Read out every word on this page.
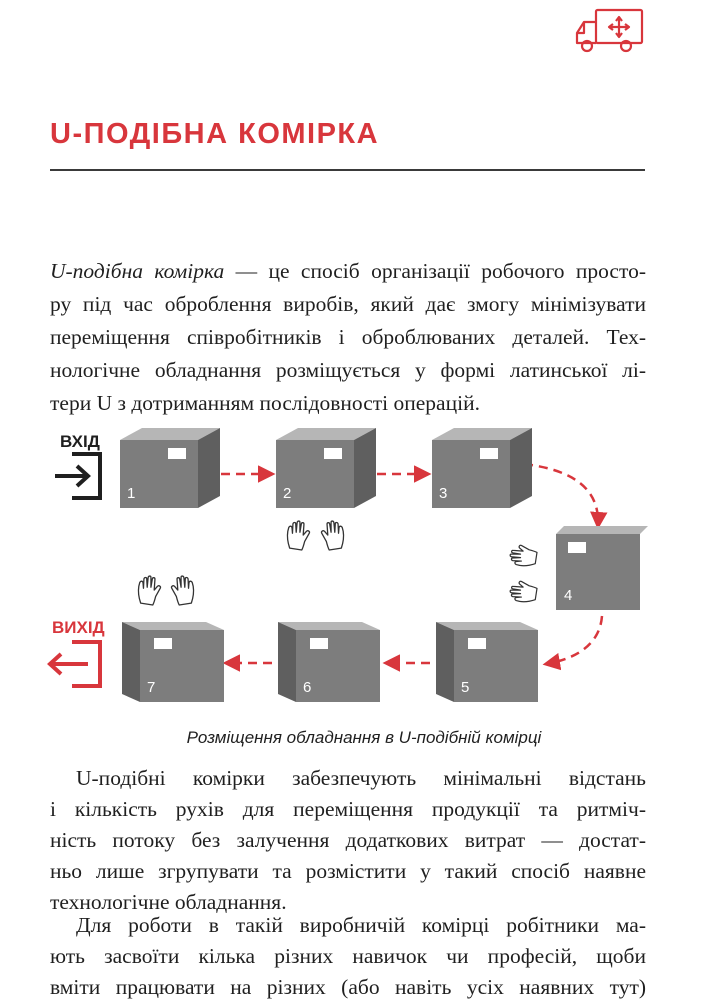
U-ПОДІБНА КОМІРКА

U-подібна комірка — це спосіб організації робочого просто-
ру під час оброблення виробів, який дає змогу мінімізувати
переміщення співробітників і оброблюваних деталей. Тех-
нологічне обладнання розміщується у формі латинської лі-
тери U з дотриманням послідовності операцій.

ВХІД
ВИХІД
1	2	3
4
5
6
7

Розміщення обладнання в U-подібній комірці

U-подібні комірки забезпечують мінімальні відстань
і кількість рухів для переміщення продукції та ритміч-
ність потоку без залучення додаткових витрат — достат-
ньо лише згрупувати та розмістити у такий спосіб наявне
технологічне обладнання.

Для роботи в такій виробничій комірці робітники ма-
ють засвоїти кілька різних навичок чи професій, щоби
вміти працювати на різних (або навіть усіх наявних тут)
